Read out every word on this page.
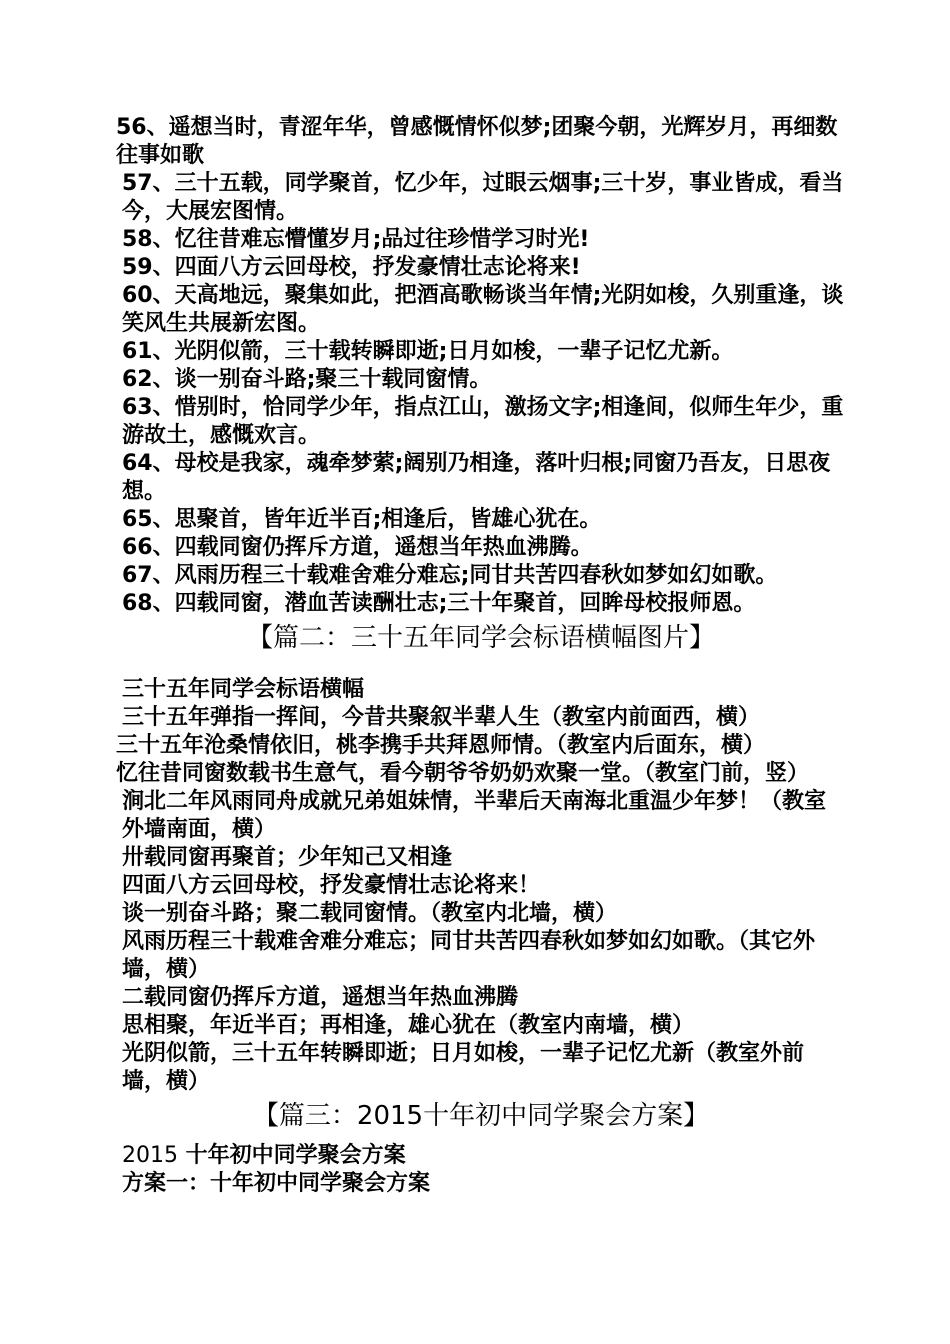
56、遥想当时，青涩年华，曾感慨情怀似梦;团聚今朝，光辉岁月，再细数往事如歌
57、三十五载，同学聚首，忆少年，过眼云烟事;三十岁，事业皆成，看当今，大展宏图情。
58、忆往昔难忘懵懂岁月;品过往珍惜学习时光!
59、四面八方云回母校，抒发豪情壮志论将来!
60、天高地远，聚集如此，把酒高歌畅谈当年情;光阴如梭，久别重逢，谈笑风生共展新宏图。
61、光阴似箭，三十载转瞬即逝;日月如梭，一辈子记忆尤新。
62、谈一别奋斗路;聚三十载同窗情。
63、惜别时，恰同学少年，指点江山，激扬文字;相逢间，似师生年少，重游故土，感慨欢言。
64、母校是我家，魂牵梦萦;阔别乃相逢，落叶归根;同窗乃吾友，日思夜想。
65、思聚首，皆年近半百;相逢后，皆雄心犹在。
66、四载同窗仍挥斥方道，遥想当年热血沸腾。
67、风雨历程三十载难舍难分难忘;同甘共苦四春秋如梦如幻如歌。
68、四载同窗，潜血苦读酬壮志;三十年聚首，回眸母校报师恩。
【篇二：三十五年同学会标语横幅图片】
三十五年同学会标语横幅
三十五年弹指一挥间，今昔共聚叙半辈人生（教室内前面西，横）
三十五年沧桑情依旧，桃李携手共拜恩师情。（教室内后面东，横）
忆往昔同窗数载书生意气，看今朝爷爷奶奶欢聚一堂。（教室门前，竖）
涧北二年风雨同舟成就兄弟姐妹情，半辈后天南海北重温少年梦！（教室外墙南面，横）
卅载同窗再聚首；少年知己又相逢
四面八方云回母校，抒发豪情壮志论将来！
谈一别奋斗路；聚二载同窗情。（教室内北墙，横）
风雨历程三十载难舍难分难忘；同甘共苦四春秋如梦如幻如歌。（其它外墙，横）
二载同窗仍挥斥方道，遥想当年热血沸腾
思相聚，年近半百；再相逢，雄心犹在（教室内南墙，横）
光阴似箭，三十五年转瞬即逝；日月如梭，一辈子记忆尤新（教室外前墙，横）
【篇三：2015十年初中同学聚会方案】
2015 十年初中同学聚会方案
方案一：十年初中同学聚会方案
